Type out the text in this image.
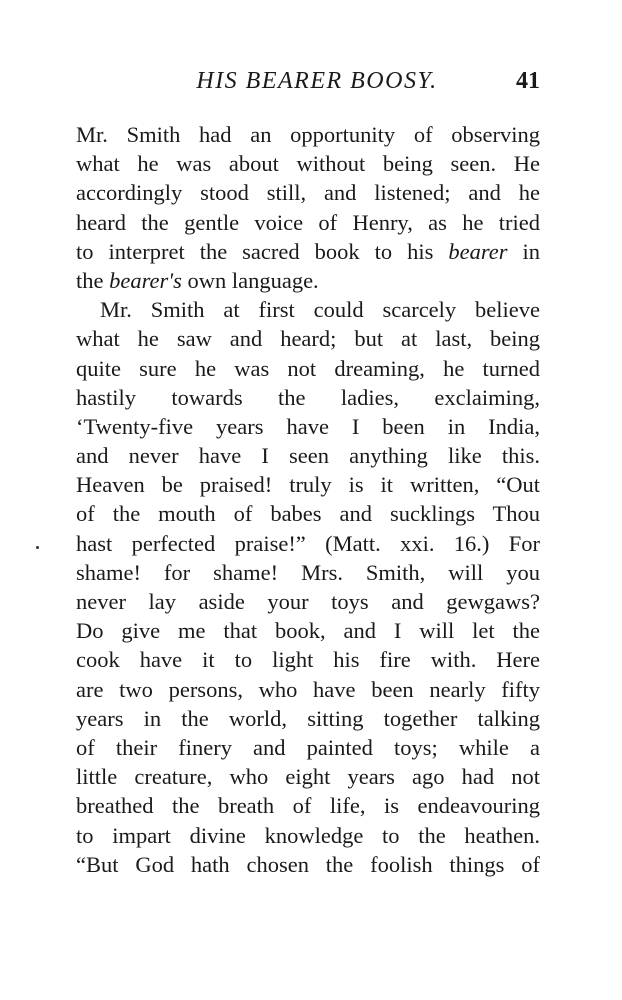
HIS BEARER BOOSY.	41
Mr. Smith had an opportunity of observing
what he was about without being seen. He
accordingly stood still, and listened; and he
heard the gentle voice of Henry, as he tried
to interpret the sacred book to his bearer in
the bearer's own language.
Mr. Smith at first could scarcely believe
what he saw and heard; but at last, being
quite sure he was not dreaming, he turned
hastily towards the ladies, exclaiming,
‘Twenty-five years have I been in India,
and never have I seen anything like this.
Heaven be praised! truly is it written, “Out
of the mouth of babes and sucklings Thou
hast perfected praise!” (Matt. xxi. 16.) For
shame! for shame! Mrs. Smith, will you
never lay aside your toys and gewgaws?
Do give me that book, and I will let the
cook have it to light his fire with. Here
are two persons, who have been nearly fifty
years in the world, sitting together talking
of their finery and painted toys; while a
little creature, who eight years ago had not
breathed the breath of life, is endeavouring
to impart divine knowledge to the heathen.
“But God hath chosen the foolish things of
